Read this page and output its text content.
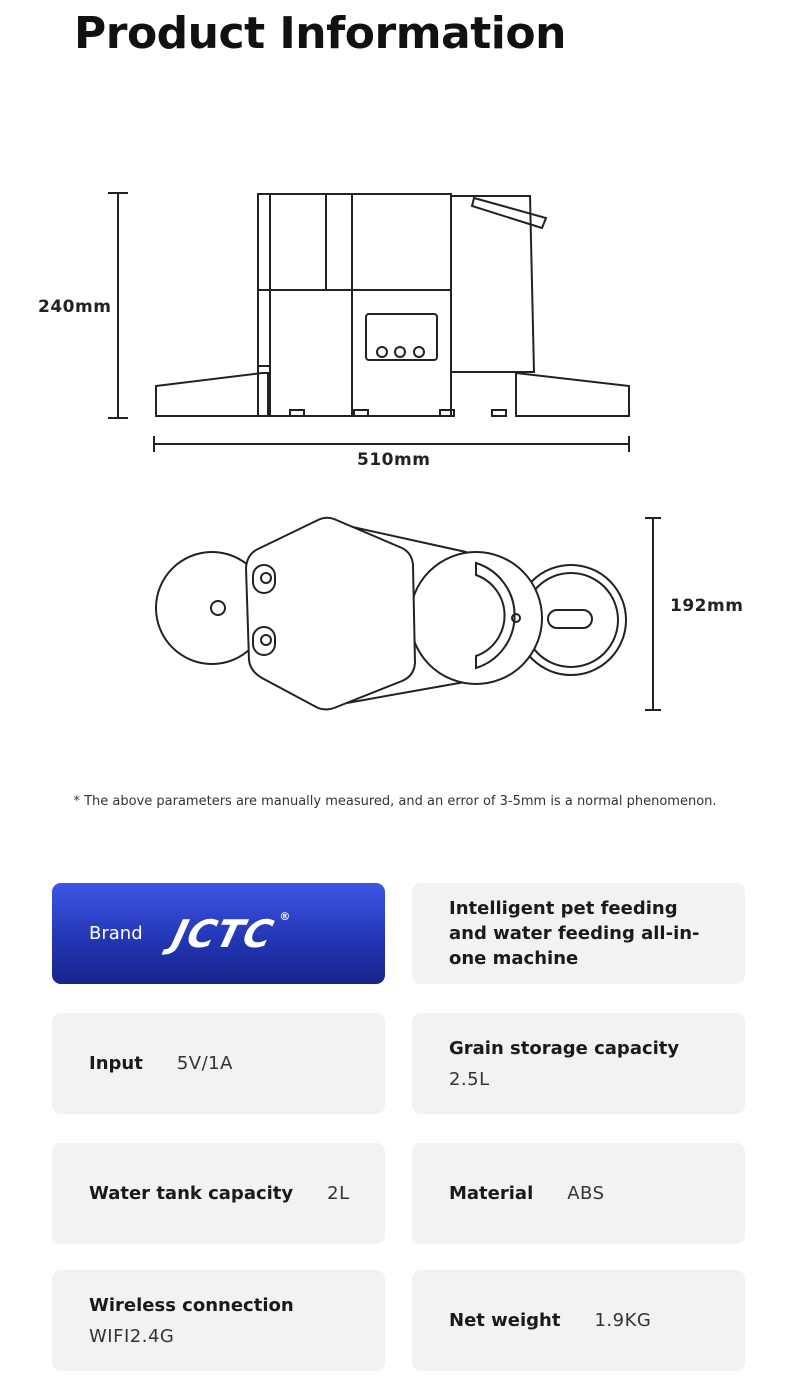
Product Information
240mm
510mm
192mm
* The above parameters are manually measured, and an error of 3-5mm is a normal phenomenon.
Brand JCTC ®	Intelligent pet feeding and water feeding all-in-one machine
Input 5V/1A
Grain storage capacity
2.5L
Water tank capacity 2L	Material ABS
Wireless connection
WIFI2.4G
Net weight 1.9KG
